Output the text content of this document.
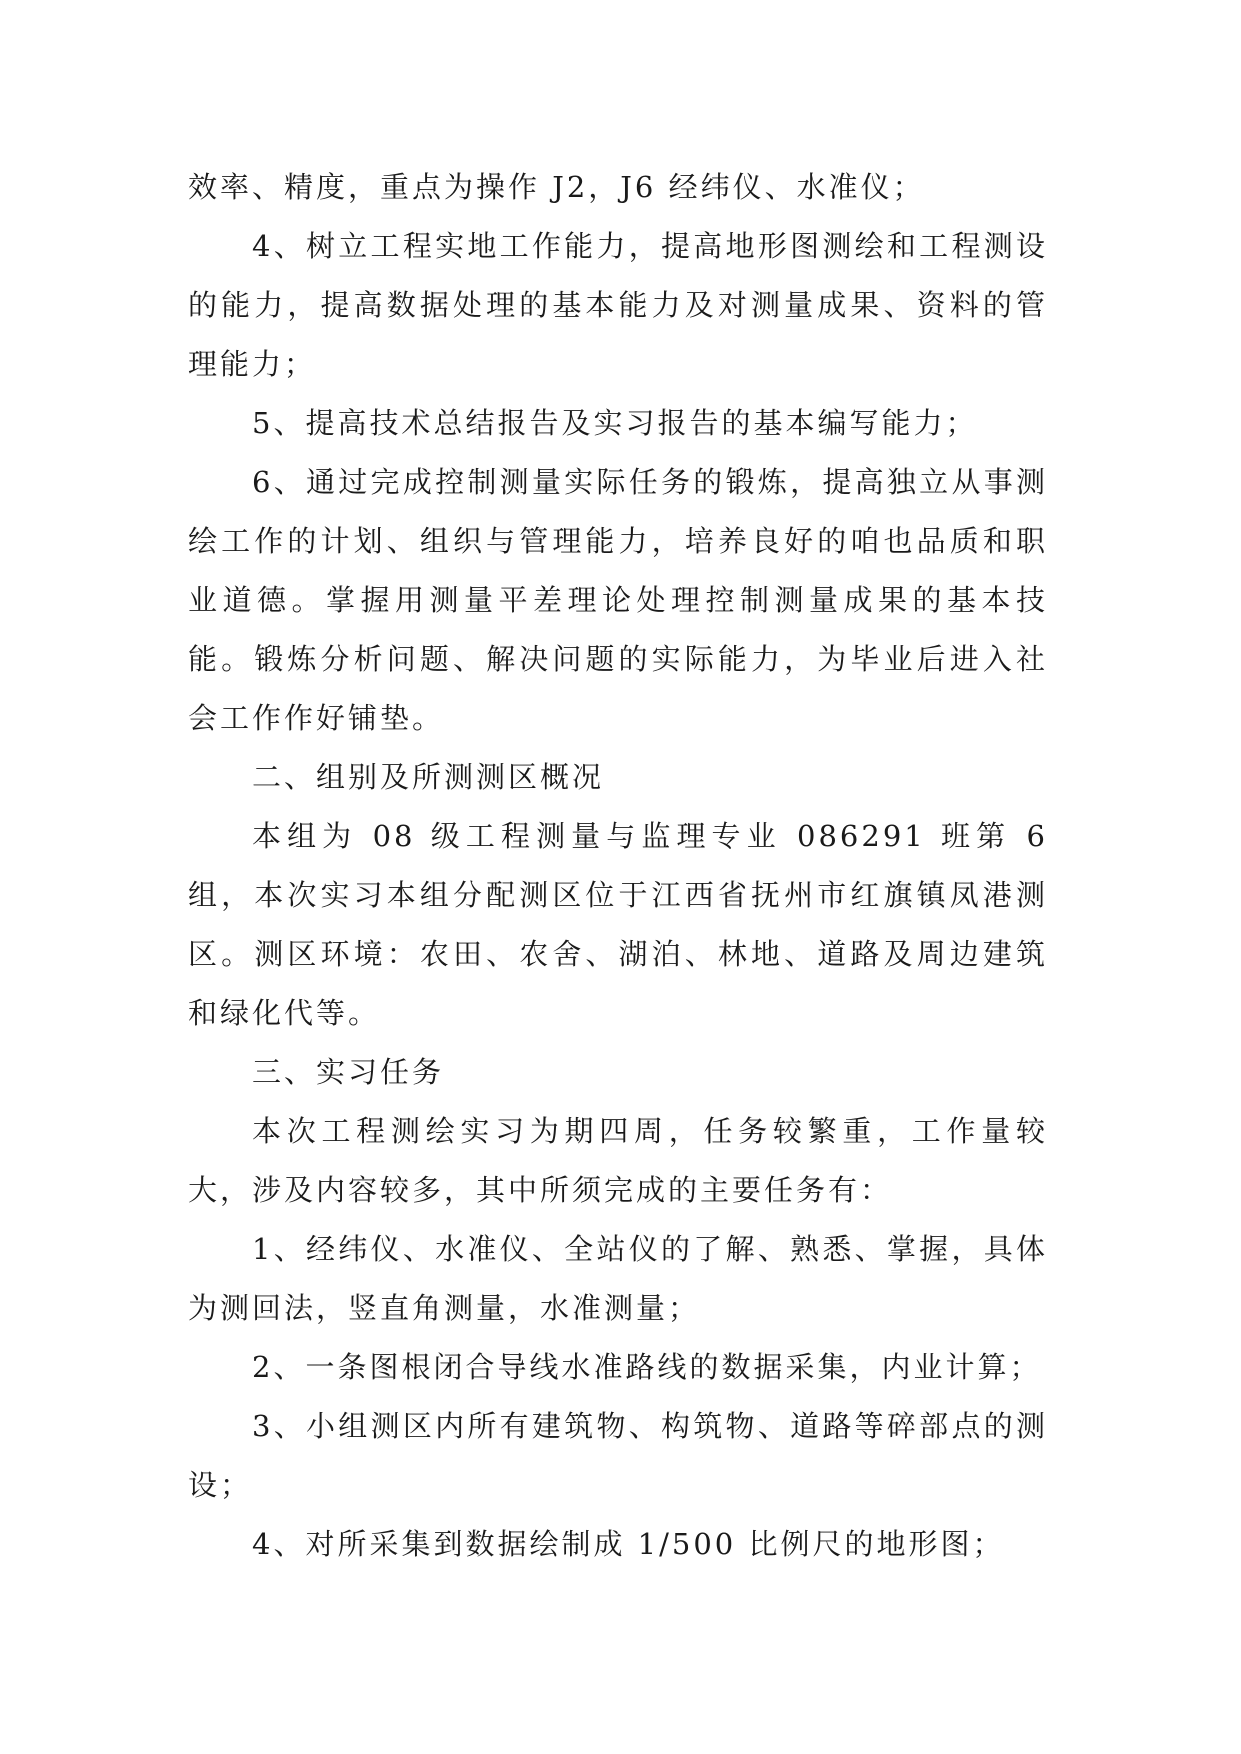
效率、精度，重点为操作 J2，J6 经纬仪、水准仪；

4、树立工程实地工作能力，提高地形图测绘和工程测设的能力，提高数据处理的基本能力及对测量成果、资料的管理能力；

5、提高技术总结报告及实习报告的基本编写能力；

6、通过完成控制测量实际任务的锻炼，提高独立从事测绘工作的计划、组织与管理能力，培养良好的咱也品质和职业道德。掌握用测量平差理论处理控制测量成果的基本技能。锻炼分析问题、解决问题的实际能力，为毕业后进入社会工作作好铺垫。

二、组别及所测测区概况

本组为 08 级工程测量与监理专业 086291 班第 6 组，本次实习本组分配测区位于江西省抚州市红旗镇凤港测区。测区环境：农田、农舍、湖泊、林地、道路及周边建筑和绿化代等。

三、实习任务

本次工程测绘实习为期四周，任务较繁重，工作量较大，涉及内容较多，其中所须完成的主要任务有：

1、经纬仪、水准仪、全站仪的了解、熟悉、掌握，具体为测回法，竖直角测量，水准测量；

2、一条图根闭合导线水准路线的数据采集，内业计算；

3、小组测区内所有建筑物、构筑物、道路等碎部点的测设；

4、对所采集到数据绘制成 1/500 比例尺的地形图；
